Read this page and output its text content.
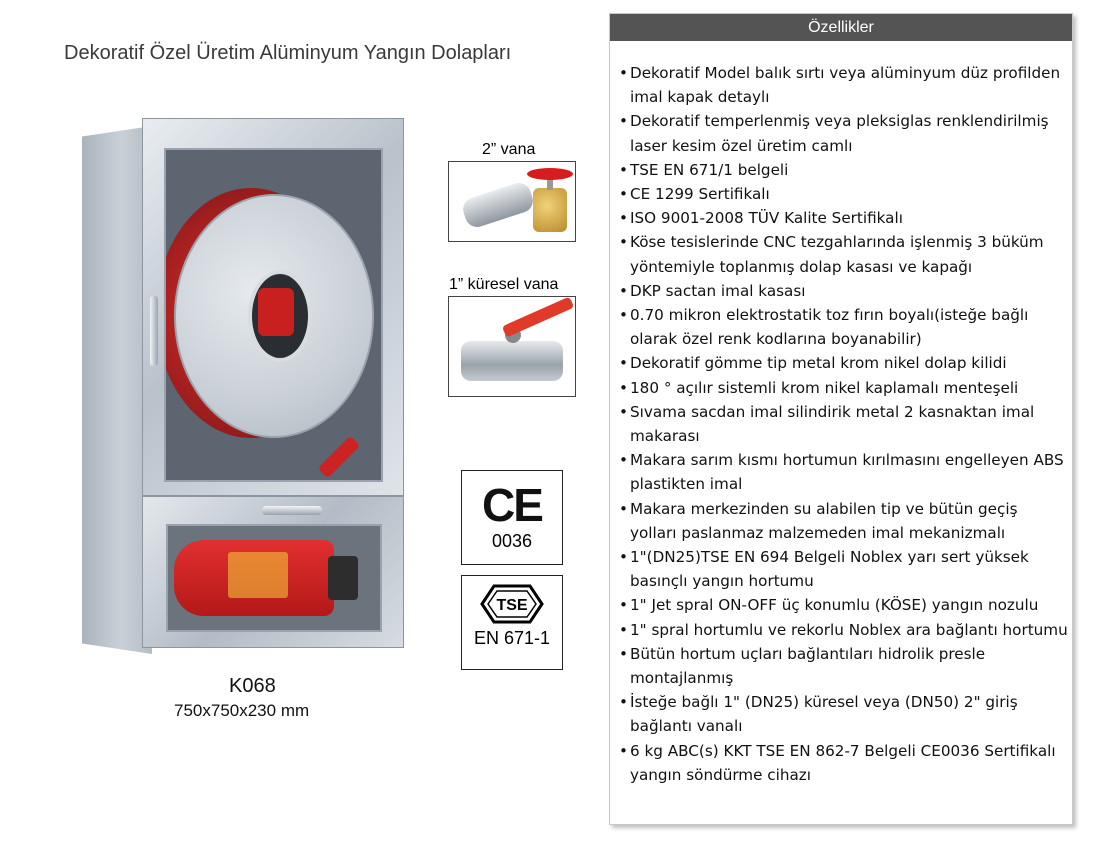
Dekoratif Özel Üretim Alüminyum Yangın Dolapları
K068
750x750x230 mm
2” vana
1” küresel vana
CE
0036
TSE
EN 671-1
Özellikler
• Dekoratif Model balık sırtı veya alüminyum düz profilden imal kapak detaylı
• Dekoratif temperlenmiş veya pleksiglas renklendirilmiş laser kesim özel üretim camlı
• TSE EN 671/1 belgeli
• CE 1299 Sertifikalı
• ISO 9001-2008 TÜV Kalite Sertifikalı
• Köse tesislerinde CNC tezgahlarında işlenmiş 3 büküm yöntemiyle toplanmış dolap kasası ve kapağı
• DKP sactan imal kasası
• 0.70 mikron elektrostatik toz fırın boyalı(isteğe bağlı olarak özel renk kodlarına boyanabilir)
• Dekoratif gömme tip metal krom nikel dolap kilidi
• 180 ° açılır sistemli krom nikel kaplamalı menteşeli
• Sıvama sacdan imal silindirik metal 2 kasnaktan imal makarası
• Makara sarım kısmı hortumun kırılmasını engelleyen ABS plastikten imal
• Makara merkezinden su alabilen tip ve bütün geçiş yolları paslanmaz malzemeden imal mekanizmalı
• 1"(DN25)TSE EN 694 Belgeli Noblex yarı sert yüksek basınçlı yangın hortumu
• 1" Jet spral ON-OFF üç konumlu (KÖSE) yangın nozulu
• 1" spral hortumlu ve rekorlu Noblex ara bağlantı hortumu
• Bütün hortum uçları bağlantıları hidrolik presle montajlanmış
• İsteğe bağlı 1" (DN25) küresel veya (DN50) 2" giriş bağlantı vanalı
• 6 kg ABC(s) KKT TSE EN 862-7 Belgeli CE0036 Sertifikalı yangın söndürme cihazı
